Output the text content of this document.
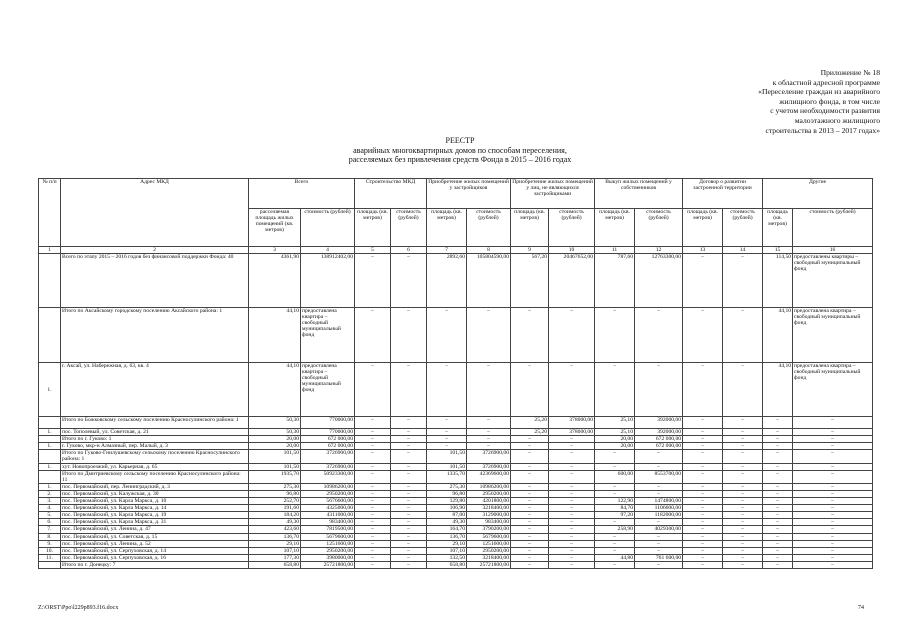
Приложение № 18
к областной адресной программе
«Переселение граждан из аварийного
жилищного фонда, в том числе
с учетом необходимости развития
малоэтажного жилищного
строительства в 2013 – 2017 годах»
РЕЕСТР
аварийных многоквартирных домов по способам переселения,
расселяемых без привлечения средств Фонда в 2015 – 2016 годах
№ п/п	Адрес МКД	Всего		Строительство МКД		Приобретение жилых помещений у застройщиков		Приобретение жилых помещений у лиц, не являющихся застройщиками		Выкуп жилых помещений у собственников		Договор о развитии застроенной территории		Другие	
		расселяемая площадь жилых помещений (кв. метров)	стоимость (рублей)	площадь (кв. метров)	стоимость (рублей)	площадь (кв. метров)	стоимость (рублей)	площадь (кв. метров)	стоимость (рублей)	площадь (кв. метров)	стоимость (рублей)	площадь (кв. метров)	стоимость (рублей)	площадь (кв. метров)	стоимость (рублей)
1	2	3	4	5	6	7	8	9	10	11	12	13	14	15	16
	Всего по этапу 2015 – 2016 годов без финансовой поддержки Фонда: 40	4361,90	138912402,00	–	–	2892,60	105804590,00	567,20	20467652,00	787,60	12763300,00	–	–	114,50	предоставлены квартиры – свободный муниципальный фонд
	Итого по Аксайскому городскому поселению Аксайского района: 1	44,10	предоставлена квартира – свободный муниципальный фонд	–	–	–	–	–	–	–	–	–	–	44,10	предоставлена квартира – свободный муниципальный фонд
1.	г. Аксай, ул. Набережная, д. 63, кв. 4	44,10	предоставлена квартира – свободный муниципальный фонд	–	–	–	–	–	–	–	–	–	–	44,10	предоставлена квартира – свободный муниципальный фонд
	Итого по Божковскому сельскому поселению Красносулинского района: 1	50,30	770000,00	–	–	–	–	25,20	378000,00	25,10	392000,00	–	–	–	–
1.	пос. Тополевый, ул. Советская, д. 21	50,30	770000,00	–	–	–	–	25,20	378000,00	25,10	392000,00	–	–	–	–
	Итого по г. Гуково: 1	20,00	672 000,00	–	–	–	–	–	–	20,00	672 000,00	–	–	–	–
1.	г. Гуково, мкр-н Алмазный, пер. Малый, д. 3	20,00	672 000,00	–	–	–	–	–	–	20,00	672 000,00	–	–	–	–
	Итого по Гуково-Гнилушевскому сельскому поселению Красносулинского района: 1	101,50	3726900,00	–	–	101,50	3726900,00	–	–	–	–	–	–	–	–
1.	хут. Новопроезжий, ул. Карьерная, д. 65	101,50	3726900,00	–	–	101,50	3726900,00	–	–	–	–	–	–	–	–
	Итого по Дмитриевскому сельскому поселению Красносулинского района: 11	1935,70	50923300,00	–	–	1335,70	42369600,00	–	–	600,00	8553700,00	–	–	–	–
1.	пос. Первомайский, пер. Ленинградский, д. 3	275,30	10986200,00	–	–	275,30	10986200,00	–	–	–	–	–	–	–	–
2.	пос. Первомайский, ул. Калужская, д. 30	96,80	2950200,00	–	–	96,80	2950200,00	–	–	–	–	–	–	–	–
3.	пос. Первомайский, ул. Карла Маркса, д. 10	252,70	5676600,00	–	–	129,80	4201800,00	–	–	122,90	1474800,00	–	–	–	–
4.	пос. Первомайский, ул. Карла Маркса, д. 14	191,60	4325000,00	–	–	106,90	3218400,00	–	–	84,70	1106600,00	–	–	–	–
5.	пос. Первомайский, ул. Карла Маркса, д. 19	184,20	4311000,00	–	–	87,00	3129000,00	–	–	97,20	1182000,00	–	–	–	–
6.	пос. Первомайский, ул. Карла Маркса, д. 31	49,30	983400,00	–	–	49,30	983400,00	–	–	–	–	–	–	–	–
7.	пос. Первомайский, ул. Ленина, д. 47	423,60	7819500,00	–	–	164,70	3790200,00	–	–	258,90	4029300,00	–	–	–	–
8.	пос. Первомайский, ул. Советская, д. 15	136,70	5679600,00	–	–	136,70	5679600,00	–	–	–	–	–	–	–	–
9.	пос. Первомайский, ул. Ленина, д. 52	29,10	1251600,00	–	–	29,10	1251600,00	–	–	–	–	–	–	–	–
10.	пос. Первомайский, ул. Серпуховская, д. 14	107,10	2950200,00	–	–	107,10	2950200,00	–	–	–	–	–	–	–	–
11.	пос. Первомайский, ул. Серпуховская, д. 16	177,30	3980000,00	–	–	132,50	3218400,00	–	–	44,80	761 600,00	–	–	–	–
	Итого по г. Донецку: 7	658,80	25721800,00	–	–	658,80	25721800,00	–	–	–	–	–	–	–	–
Z:\ORST\Ppo\l229p893.f16.docx	74
